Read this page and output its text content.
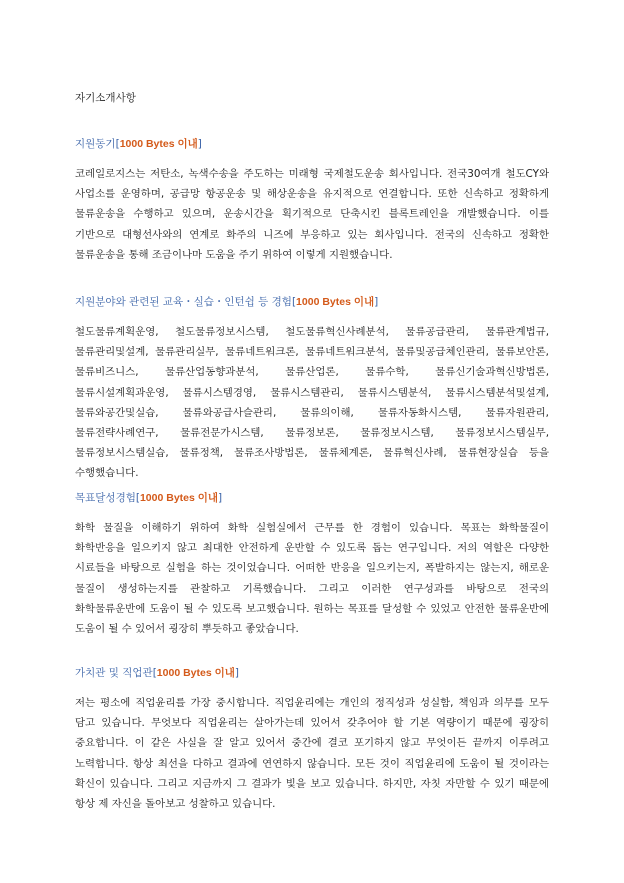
자기소개사항

지원동기[1000 Bytes 이내]

코레일로지스는 저탄소, 녹색수송을 주도하는 미래형 국제철도운송 회사입니다. 전국30여개 철도CY와 사업소를 운영하며, 공급망 항공운송 및 해상운송을 유지적으로 연결합니다. 또한 신속하고 정확하게 물류운송을 수행하고 있으며, 운송시간을 획기적으로 단축시킨 블록트레인을 개발했습니다. 이를 기반으로 대형선사와의 연계로 화주의 니즈에 부응하고 있는 회사입니다. 전국의 신속하고 정확한 물류운송을 통해 조금이나마 도움을 주기 위하여 이렇게 지원했습니다.

지원분야와 관련된 교육・실습・인턴쉽 등 경험[1000 Bytes 이내]

철도물류계획운영, 철도물류정보시스템, 철도물류혁신사례분석, 물류공급관리, 물류관계법규, 물류관리및설계, 물류관리실무, 물류네트워크론, 물류네트워크분석, 물류및공급체인관리, 물류보안론, 물류비즈니스, 물류산업동향과분석, 물류산업론, 물류수학, 물류신기술과혁신방법론, 물류시설계획과운영, 물류시스템경영, 물류시스템관리, 물류시스템분석, 물류시스템분석및설계, 물류와공간및실습, 물류와공급사슬관리, 물류의이해, 물류자동화시스템, 물류자원관리, 물류전략사례연구, 물류전문가시스템, 물류정보론, 물류정보시스템, 물류정보시스템실무, 물류정보시스템실습, 물류정책, 물류조사방법론, 물류체계론, 물류혁신사례, 물류현장실습 등을 수행했습니다.

목표달성경험[1000 Bytes 이내]

화학 물질을 이해하기 위하여 화학 실험실에서 근무를 한 경험이 있습니다. 목표는 화학물질이 화학반응을 일으키지 않고 최대한 안전하게 운반할 수 있도록 돕는 연구입니다. 저의 역할은 다양한 시료들을 바탕으로 실험을 하는 것이었습니다. 어떠한 반응을 일으키는지, 폭발하지는 않는지, 해로운 물질이 생성하는지를 관찰하고 기록했습니다. 그리고 이러한 연구성과를 바탕으로 전국의 화학물류운반에 도움이 될 수 있도록 보고했습니다. 원하는 목표를 달성할 수 있었고 안전한 물류운반에 도움이 될 수 있어서 굉장히 뿌듯하고 좋았습니다.

가치관 및 직업관[1000 Bytes 이내]

저는 평소에 직업윤리를 가장 중시합니다. 직업윤리에는 개인의 정직성과 성실함, 책임과 의무를 모두 담고 있습니다. 무엇보다 직업윤리는 살아가는데 있어서 갖추어야 할 기본 역량이기 때문에 굉장히 중요합니다. 이 같은 사실을 잘 알고 있어서 중간에 결코 포기하지 않고 무엇이든 끝까지 이루려고 노력합니다. 항상 최선을 다하고 결과에 연연하지 않습니다. 모든 것이 직업윤리에 도움이 될 것이라는 확신이 있습니다. 그리고 지금까지 그 결과가 빛을 보고 있습니다. 하지만, 자칫 자만할 수 있기 때문에 항상 제 자신을 돌아보고 성찰하고 있습니다.
